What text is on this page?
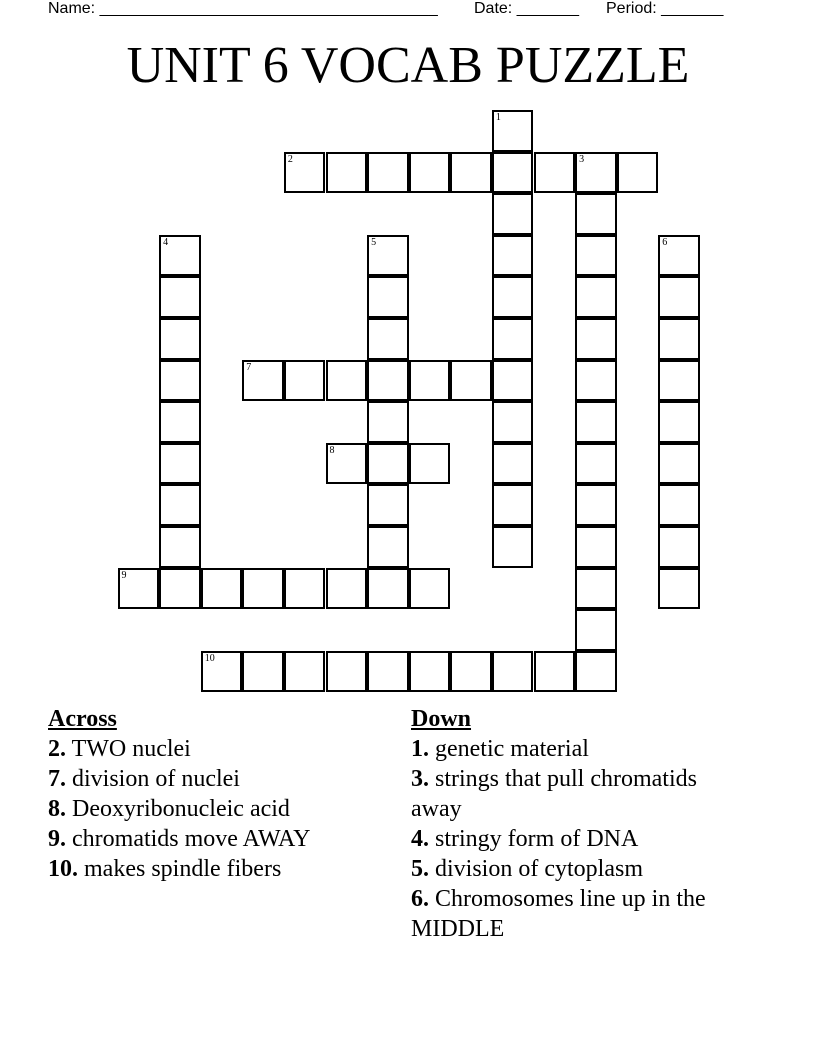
Name: ______________________________________ Date: _______ Period: _______
UNIT 6 VOCAB PUZZLE
1
2	3
4	5	6
7
8
9
10
Across
2. TWO nuclei
7. division of nuclei
8. Deoxyribonucleic acid
9. chromatids move AWAY
10. makes spindle fibers
Down
1. genetic material
3. strings that pull chromatids away
4. stringy form of DNA
5. division of cytoplasm
6. Chromosomes line up in the MIDDLE
